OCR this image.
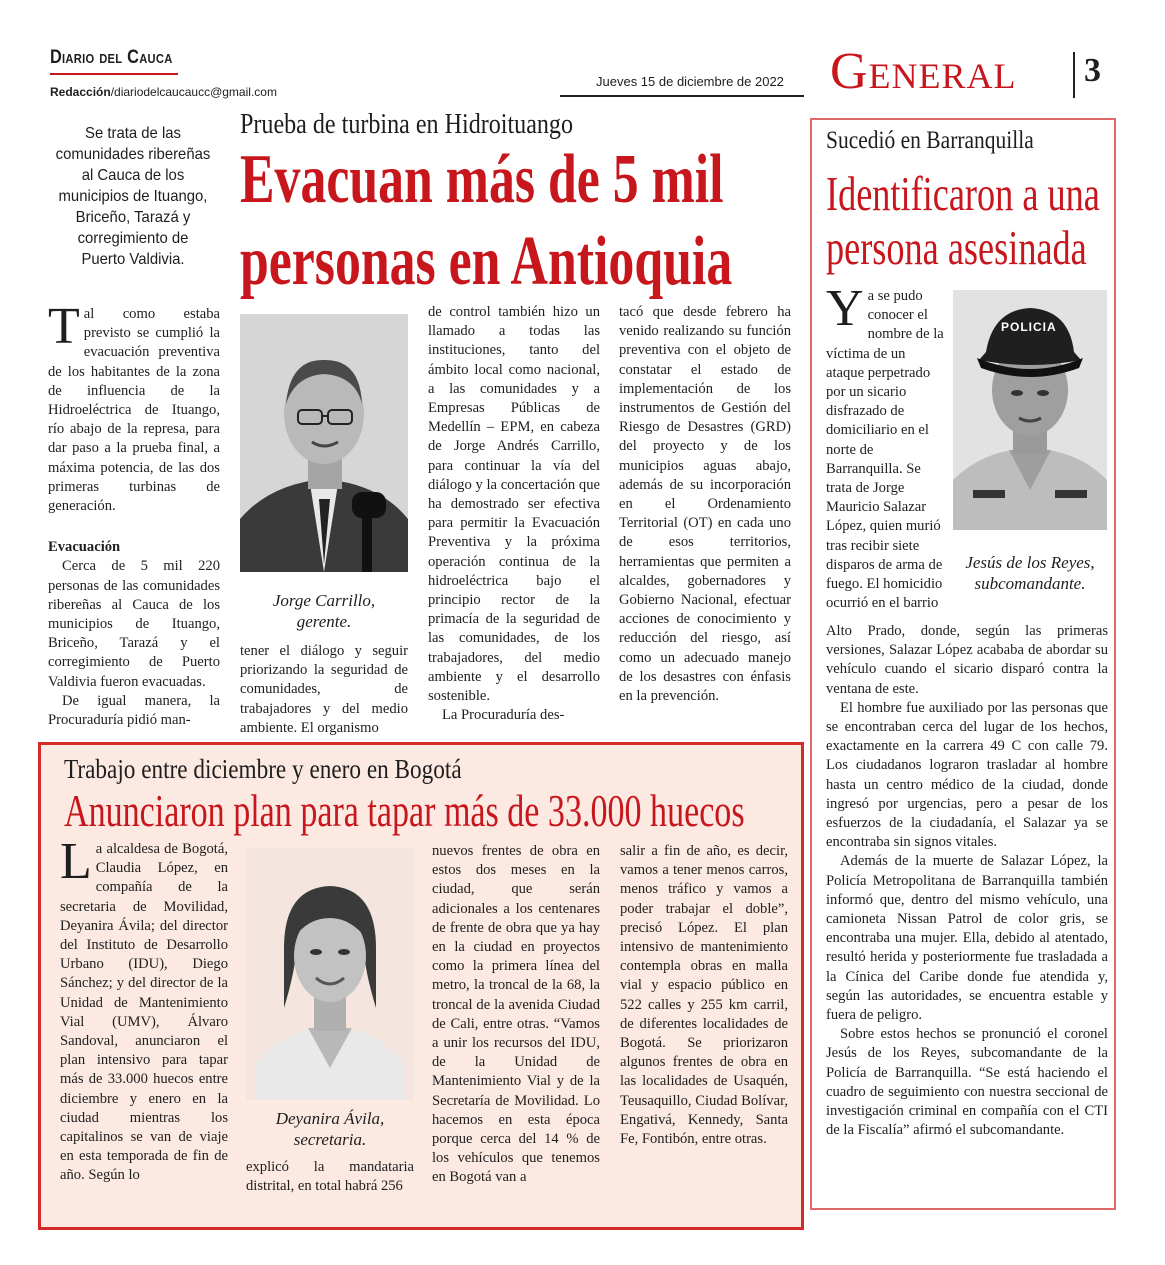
Diario del Cauca
Redacción/diariodelcaucaucc@gmail.com
Jueves 15 de diciembre de 2022 General 3
Se trata de las comunidades ribereñas al Cauca de los municipios de Ituango, Briceño, Tarazá y corregimiento de Puerto Valdivia.
Prueba de turbina en Hidroituango
Evacuan más de 5 mil
personas en Antioquia
T al como estaba previsto se cumplió la evacuación preventiva de los habitantes de la zona de influencia de la Hidroeléctrica de Ituango, río abajo de la represa, para dar paso a la prueba final, a máxima potencia, de las dos primeras turbinas de generación.

Evacuación

Cerca de 5 mil 220 personas de las comunidades ribereñas al Cauca de los municipios de Ituango, Briceño, Tarazá y el corregimiento de Puerto Valdivia fueron evacuadas.

De igual manera, la Procuraduría pidió man-

Jorge Carrillo,
gerente.

tener el diálogo y seguir priorizando la seguridad de comunidades, de trabajadores y del medio ambiente. El organismo

de control también hizo un llamado a todas las instituciones, tanto del ámbito local como nacional, a las comunidades y a Empresas Públicas de Medellín – EPM, en cabeza de Jorge Andrés Carrillo, para continuar la vía del diálogo y la concertación que ha demostrado ser efectiva para permitir la Evacuación Preventiva y la próxima operación continua de la hidroeléctrica bajo el principio rector de la primacía de la seguridad de las comunidades, de los trabajadores, del medio ambiente y el desarrollo sostenible.

La Procuraduría des-

tacó que desde febrero ha venido realizando su función preventiva con el objeto de constatar el estado de implementación de los instrumentos de Gestión del Riesgo de Desastres (GRD) del proyecto y de los municipios aguas abajo, además de su incorporación en el Ordenamiento Territorial (OT) en cada uno de esos territorios, herramientas que permiten a alcaldes, gobernadores y Gobierno Nacional, efectuar acciones de conocimiento y reducción del riesgo, así como un adecuado manejo de los desastres con énfasis en la prevención.

Sucedió en Barranquilla
Identificaron a una
persona asesinada
Y a se pudo conocer el nombre de la víctima de un ataque perpetrado por un sicario disfrazado de domiciliario en el norte de Barranquilla. Se trata de Jorge Mauricio Salazar López, quien murió tras recibir siete disparos de arma de fuego. El homicidio ocurrió en el barrio

POLICIA
Jesús de los Reyes,
subcomandante.

Alto Prado, donde, según las primeras versiones, Salazar López acababa de abordar su vehículo cuando el sicario disparó contra la ventana de este.

El hombre fue auxiliado por las personas que se encontraban cerca del lugar de los hechos, exactamente en la carrera 49 C con calle 79. Los ciudadanos lograron trasladar al hombre hasta un centro médico de la ciudad, donde ingresó por urgencias, pero a pesar de los esfuerzos de la ciudadanía, el Salazar ya se encontraba sin signos vitales.

Además de la muerte de Salazar López, la Policía Metropolitana de Barranquilla también informó que, dentro del mismo vehículo, una camioneta Nissan Patrol de color gris, se encontraba una mujer. Ella, debido al atentado, resultó herida y posteriormente fue trasladada a la Cínica del Caribe donde fue atendida y, según las autoridades, se encuentra estable y fuera de peligro.

Sobre estos hechos se pronunció el coronel Jesús de los Reyes, subcomandante de la Policía de Barranquilla. “Se está haciendo el cuadro de seguimiento con nuestra seccional de investigación criminal en compañía con el CTI de la Fiscalía” afirmó el subcomandante.

Trabajo entre diciembre y enero en Bogotá
Anunciaron plan para tapar más de 33.000 huecos
L a alcaldesa de Bogotá, Claudia López, en compañía de la secretaria de Movilidad, Deyanira Ávila; del director del Instituto de Desarrollo Urbano (IDU), Diego Sánchez; y del director de la Unidad de Mantenimiento Vial (UMV), Álvaro Sandoval, anunciaron el plan intensivo para tapar más de 33.000 huecos entre diciembre y enero en la ciudad mientras los capitalinos se van de viaje en esta temporada de fin de año. Según lo

Deyanira Ávila,
secretaria.

explicó la mandataria distrital, en total habrá 256

nuevos frentes de obra en estos dos meses en la ciudad, que serán adicionales a los centenares de frente de obra que ya hay en la ciudad en proyectos como la primera línea del metro, la troncal de la 68, la troncal de la avenida Ciudad de Cali, entre otras. “Vamos a unir los recursos del IDU, de la Unidad de Mantenimiento Vial y de la Secretaría de Movilidad. Lo hacemos en esta época porque cerca del 14 % de los vehículos que tenemos en Bogotá van a

salir a fin de año, es decir, vamos a tener menos carros, menos tráfico y vamos a poder trabajar el doble”, precisó López. El plan intensivo de mantenimiento contempla obras en malla vial y espacio público en 522 calles y 255 km carril, de diferentes localidades de Bogotá. Se priorizaron algunos frentes de obra en las localidades de Usaquén, Teusaquillo, Ciudad Bolívar, Engativá, Kennedy, Santa Fe, Fontibón, entre otras.
